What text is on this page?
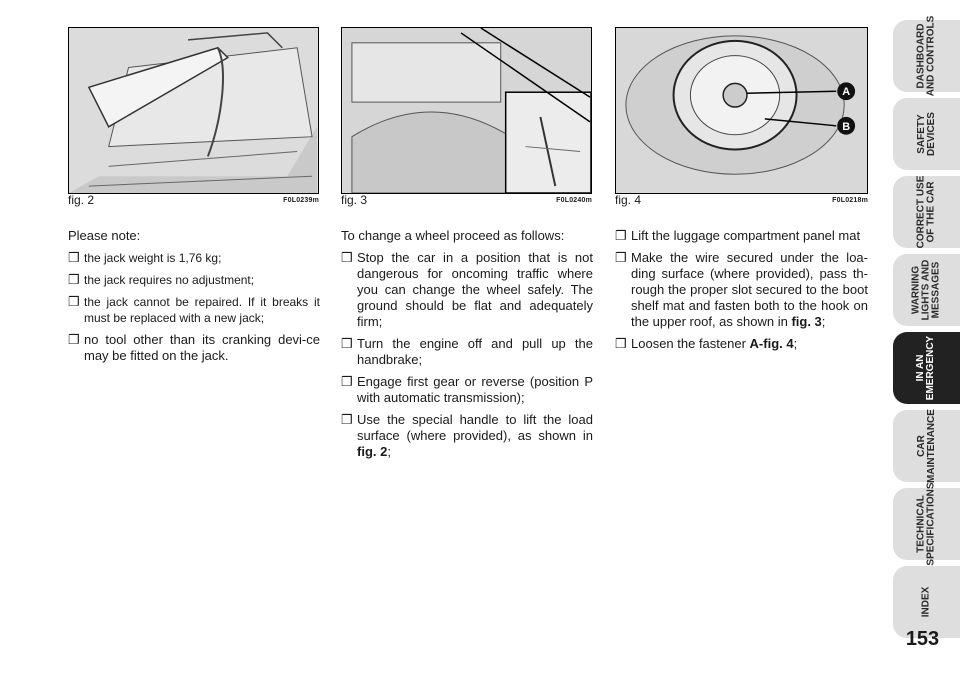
fig. 2	F0L0239m fig. 3	F0L0240m
A
B
fig. 4	F0L0218m

Please note:

❒ the jack weight is 1,76 kg;
❒ the jack requires no adjustment;
❒ the jack cannot be repaired. If it breaks it must be replaced with a new jack;
❒ no tool other than its cranking devi-ce may be fitted on the jack.

To change a wheel proceed as follows:

❒ Stop the car in a position that is not dangerous for oncoming traffic where you can change the wheel safely. The ground should be flat and adequately firm;
❒ Turn the engine off and pull up the handbrake;
❒ Engage first gear or reverse (position P with automatic transmission);
❒ Use the special handle to lift the load surface (where provided), as shown in fig. 2;
❒ Lift the luggage compartment panel mat
❒ Make the wire secured under the loa-ding surface (where provided), pass th-rough the proper slot secured to the boot shelf mat and fasten both to the hook on the upper roof, as shown in fig. 3;
❒ Loosen the fastener A-fig. 4;
DASHBOARD
AND CONTROLS
SAFETY
DEVICES
CORRECT USE
OF THE CAR
WARNING
LIGHTS AND
MESSAGES
IN AN
EMERGENCY
CAR
MAINTENANCE
TECHNICAL
SPECIFICATIONS
INDEX
153
